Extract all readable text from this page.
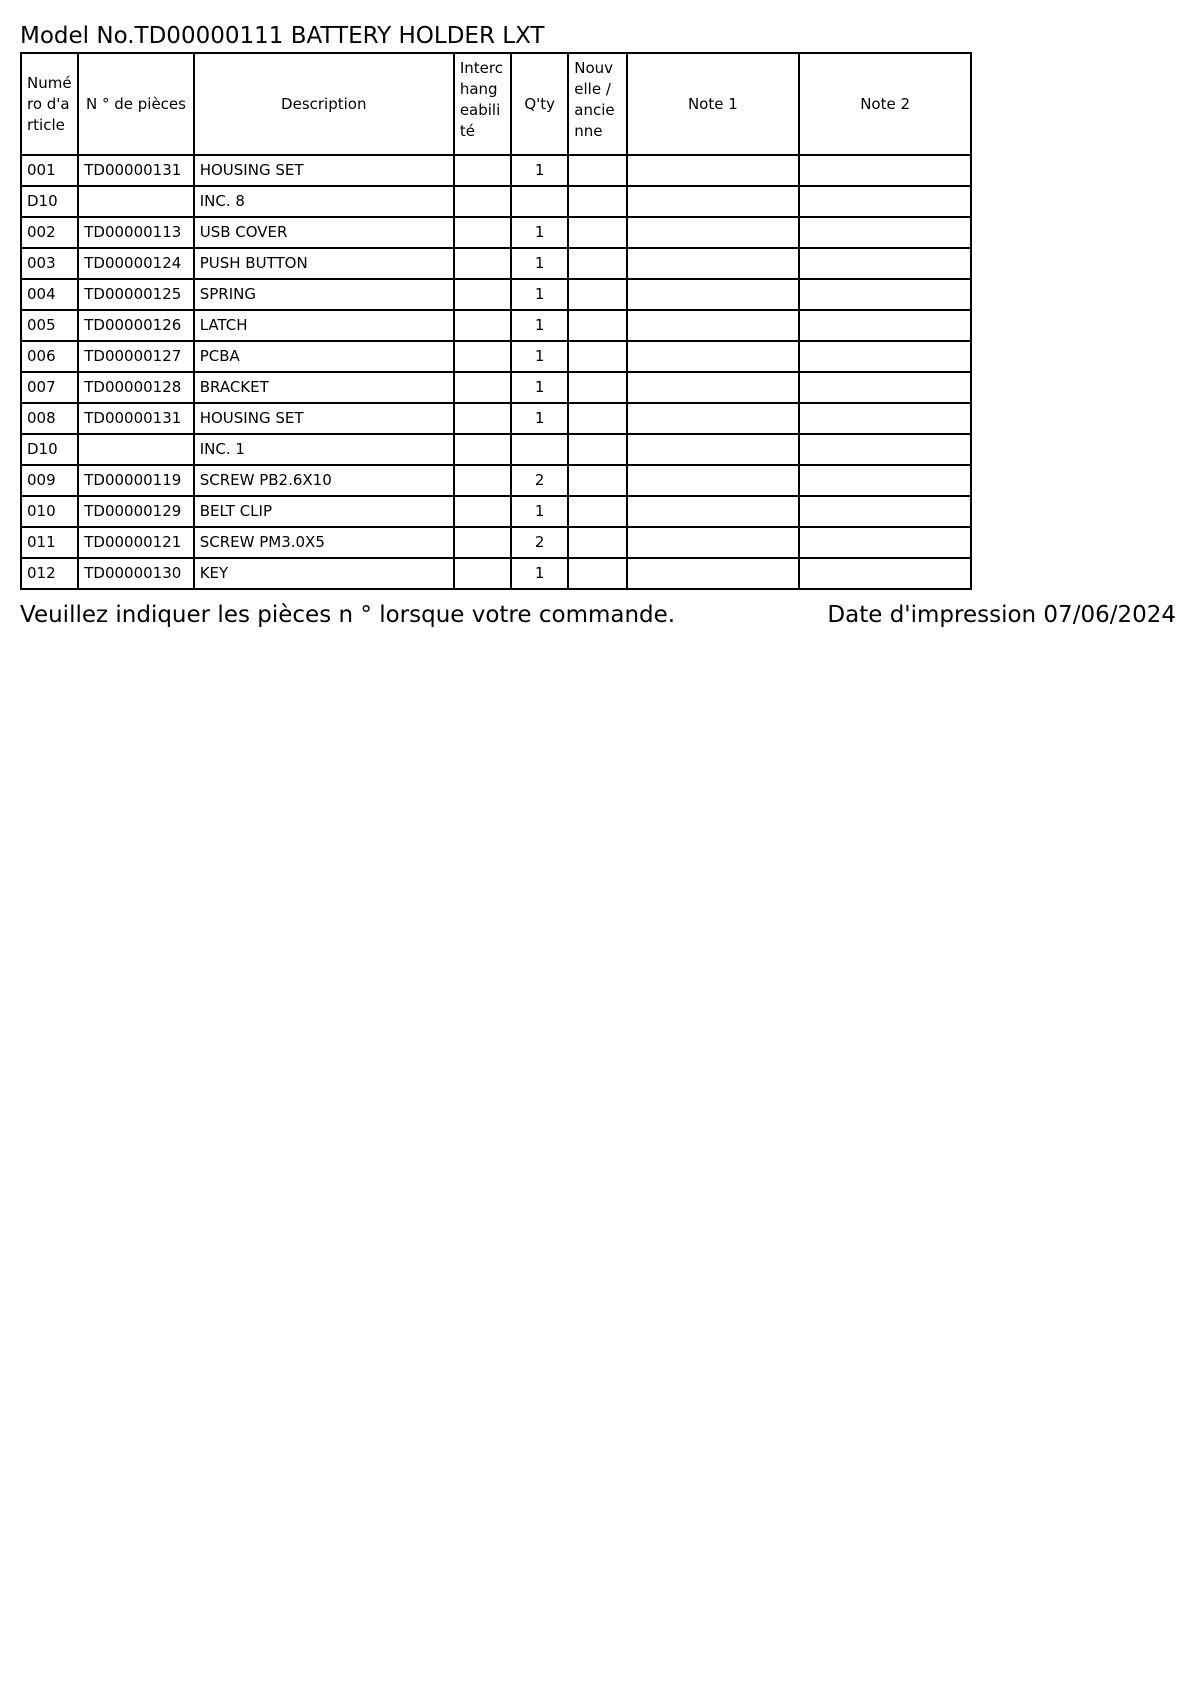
Model No.TD00000111 BATTERY HOLDER LXT
Numéro d'article	N ° de pièces	Description	Interchangeabilité	Q'ty	Nouvelle / ancienne	Note 1	Note 2
001	TD00000131	HOUSING SET		1			
D10		INC. 8					
002	TD00000113	USB COVER		1			
003	TD00000124	PUSH BUTTON		1			
004	TD00000125	SPRING		1			
005	TD00000126	LATCH		1			
006	TD00000127	PCBA		1			
007	TD00000128	BRACKET		1			
008	TD00000131	HOUSING SET		1			
D10		INC. 1					
009	TD00000119	SCREW PB2.6X10		2			
010	TD00000129	BELT CLIP		1			
011	TD00000121	SCREW PM3.0X5		2			
012	TD00000130	KEY		1			
Veuillez indiquer les pièces n ° lorsque votre commande.	Date d'impression 07/06/2024
